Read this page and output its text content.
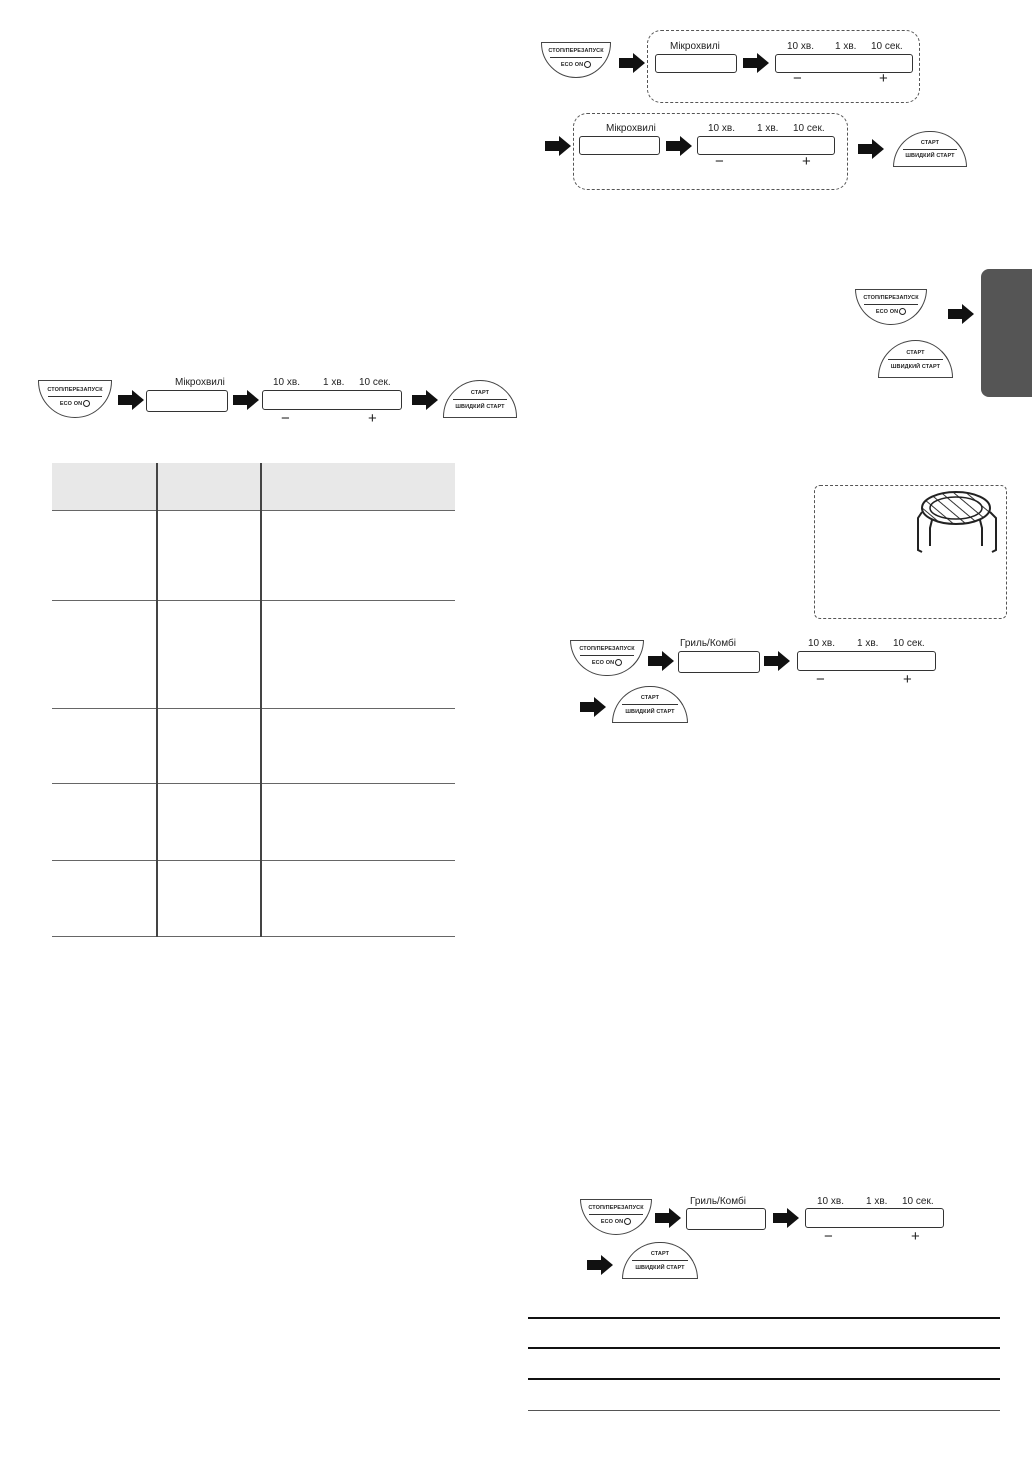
СТОП/ПЕРЕЗАПУСК
ECO ON
Мікрохвилі	10 хв. 1 хв. 10 сек.
−	+
Мікрохвилі	10 хв. 1 хв. 10 сек.
−	+
СТАРТ
ШВИДКИЙ СТАРТ
СТОП/ПЕРЕЗАПУСК
ECO ON
СТАРТ
ШВИДКИЙ СТАРТ
СТОП/ПЕРЕЗАПУСК
ECO ON
Мікрохвилі	10 хв. 1 хв. 10 сек.
−	+
СТАРТ
ШВИДКИЙ СТАРТ

СТОП/ПЕРЕЗАПУСК
ECO ON
Гриль/Комбі	10 хв. 1 хв. 10 сек.
−	+
СТАРТ
ШВИДКИЙ СТАРТ
СТОП/ПЕРЕЗАПУСК
ECO ON
Гриль/Комбі	10 хв. 1 хв. 10 сек.
−	+
СТАРТ
ШВИДКИЙ СТАРТ
